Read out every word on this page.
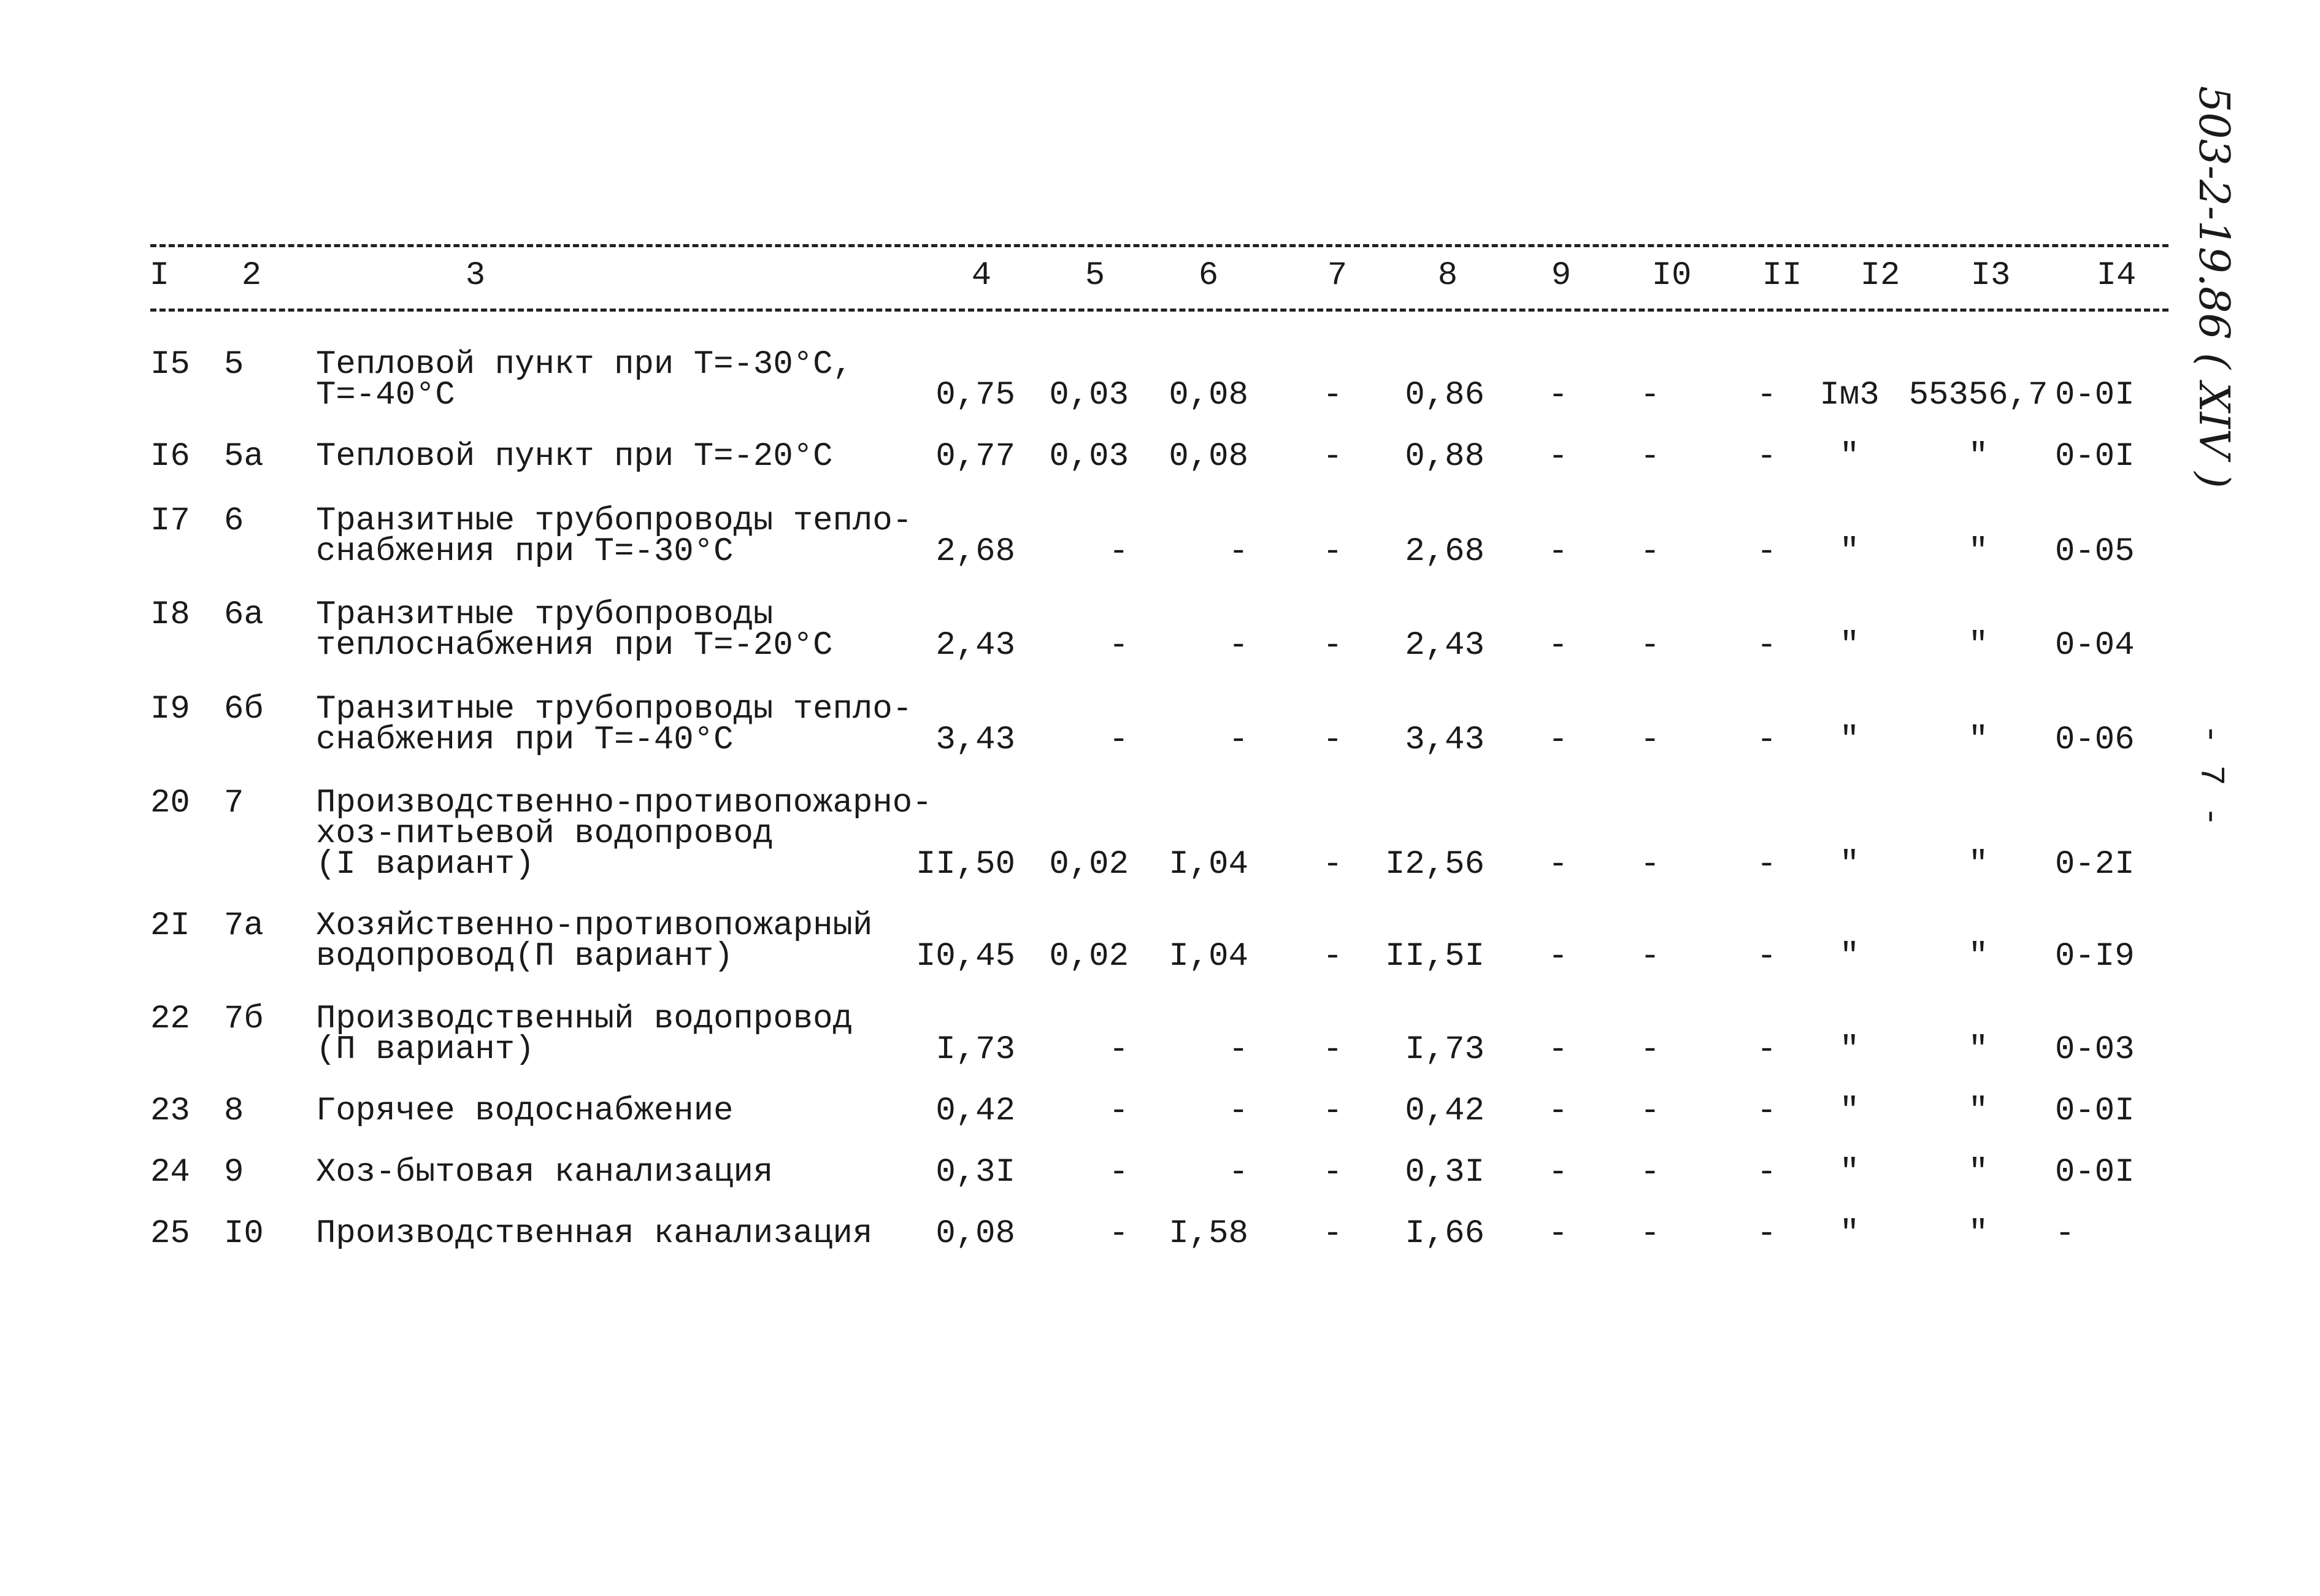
I 2	3	4	5	6	7	8	9 I0 II I2 I3	I4
I5 5 Тепловой пункт при Т=-30°С,
Т=-40°С	0,75	0,03	0,08	-	0,86	-	-	-	Iм3 55356,7 0-0I
I6 5а Тепловой пункт при Т=-20°С	0,77	0,03	0,08	-	0,88	-	-	-	"	"	0-0I
I7 6 Транзитные трубопроводы тепло-
снабжения при Т=-30°С	2,68	-	-	-	2,68	-	-	-	"	"	0-05
I8 6а Транзитные трубопроводы
теплоснабжения при Т=-20°С	2,43	-	-	-	2,43	-	-	-	"	"	0-04
I9 6б Транзитные трубопроводы тепло-
снабжения при Т=-40°С	3,43	-	-	-	3,43	-	-	-	"	"	0-06
20 7 Производственно-противопожарно-
хоз-питьевой водопровод
(I вариант)	II,50	0,02	I,04	-	I2,56	-	-	-	"	"	0-2I
2I 7а Хозяйственно-противопожарный
водопровод(П вариант)	I0,45	0,02	I,04	-	II,5I	-	-	-	"	"	0-I9
22 7б Производственный водопровод
(П вариант)	I,73	-	-	-	I,73	-	-	-	"	"	0-03
23 8 Горячее водоснабжение	0,42	-	-	-	0,42	-	-	-	"	"	0-0I
24 9 Хоз-бытовая канализация	0,3I	-	-	-	0,3I	-	-	-	"	"	0-0I
25 I0 Производственная канализация	0,08	-	I,58	-	I,66	-	-	-	"	"	-
503-2-19.86 ( XIV )
- 7 -
